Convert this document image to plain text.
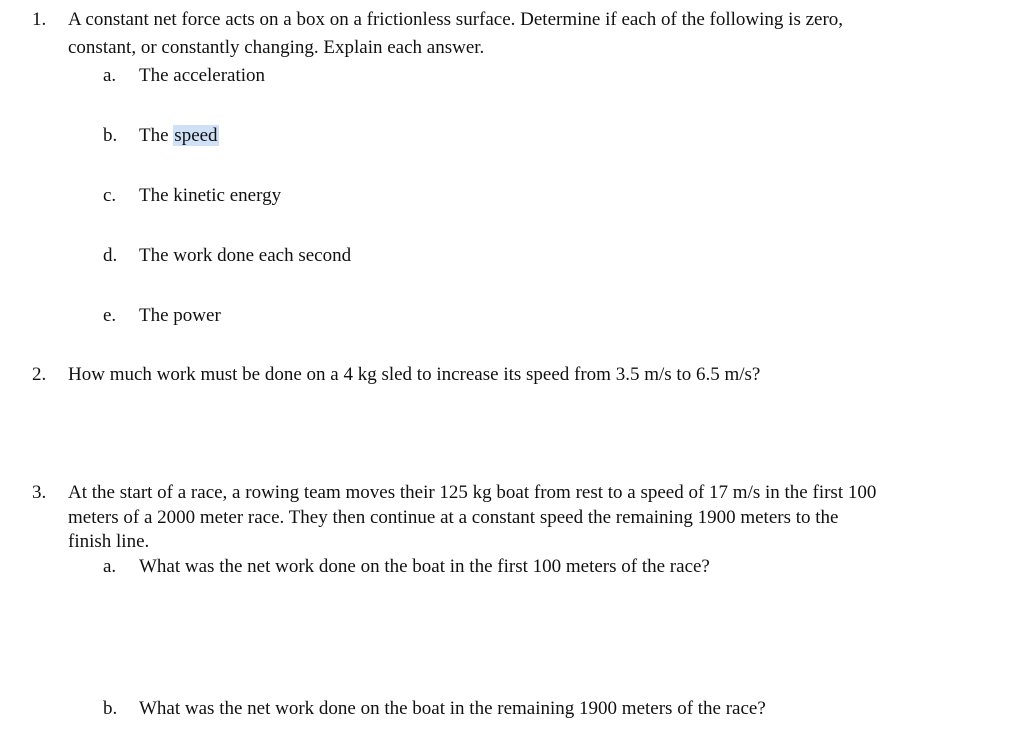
1. A constant net force acts on a box on a frictionless surface. Determine if each of the following is zero,
constant, or constantly changing. Explain each answer.
a. The acceleration
b. The speed
c. The kinetic energy
d. The work done each second
e. The power
2. How much work must be done on a 4 kg sled to increase its speed from 3.5 m/s to 6.5 m/s?
3. At the start of a race, a rowing team moves their 125 kg boat from rest to a speed of 17 m/s in the first 100
meters of a 2000 meter race. They then continue at a constant speed the remaining 1900 meters to the
finish line.
a. What was the net work done on the boat in the first 100 meters of the race?
b. What was the net work done on the boat in the remaining 1900 meters of the race?
